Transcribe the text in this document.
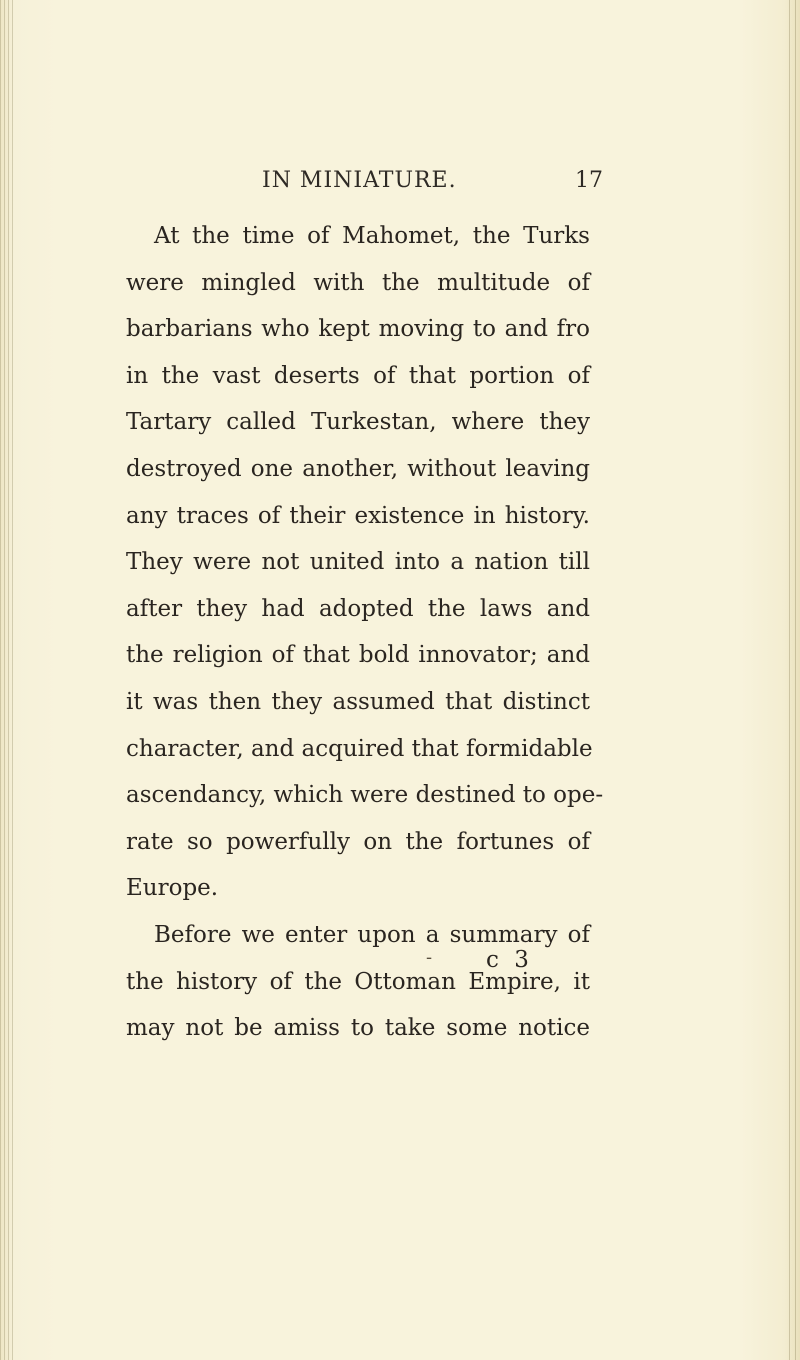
IN MINIATURE.	17
At the time of Mahomet, the Turks
were mingled with the multitude of
barbarians who kept moving to and fro
in the vast deserts of that portion of
Tartary called Turkestan, where they
destroyed one another, without leaving
any traces of their existence in history.
They were not united into a nation till
after they had adopted the laws and
the religion of that bold innovator; and
it was then they assumed that distinct
character, and acquired that formidable
ascendancy, which were destined to ope-
rate so powerfully on the fortunes of
Europe.
Before we enter upon a summary of
the history of the Ottoman Empire, it
may not be amiss to take some notice
- c 3
